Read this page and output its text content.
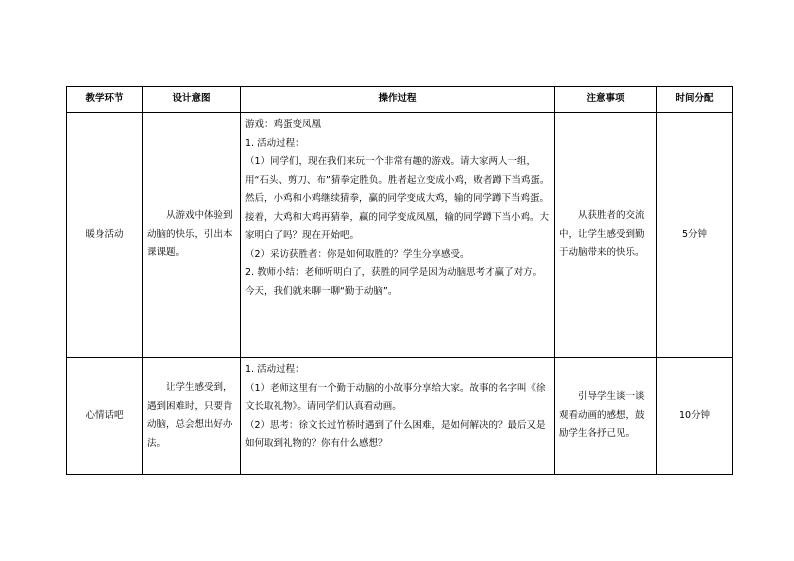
教学环节	设计意图	操作过程	注意事项	时间分配
暖身活动	从游戏中体验到动脑的快乐，引出本课课题。	游戏：鸡蛋变凤凰

1. 活动过程：

（1）同学们，现在我们来玩一个非常有趣的游戏。请大家两人一组，用“石头、剪刀、布”猜拳定胜负。胜者起立变成小鸡，败者蹲下当鸡蛋。然后，小鸡和小鸡继续猜拳，赢的同学变成大鸡，输的同学蹲下当鸡蛋。接着，大鸡和大鸡再猜拳，赢的同学变成凤凰，输的同学蹲下当小鸡。大家明白了吗？现在开始吧。

（2）采访获胜者：你是如何取胜的？学生分享感受。

2. 教师小结：老师听明白了，获胜的同学是因为动脑思考才赢了对方。今天，我们就来聊一聊“勤于动脑”。	从获胜者的交流中，让学生感受到勤于动脑带来的快乐。	5分钟
心情话吧	让学生感受到，遇到困难时，只要肯动脑，总会想出好办法。	1. 活动过程：

（1）老师这里有一个勤于动脑的小故事分享给大家。故事的名字叫《徐文长取礼物》。请同学们认真看动画。

（2）思考：徐文长过竹桥时遇到了什么困难，是如何解决的？最后又是如何取到礼物的？你有什么感想？	引导学生谈一谈观看动画的感想，鼓励学生各抒己见。	10分钟
